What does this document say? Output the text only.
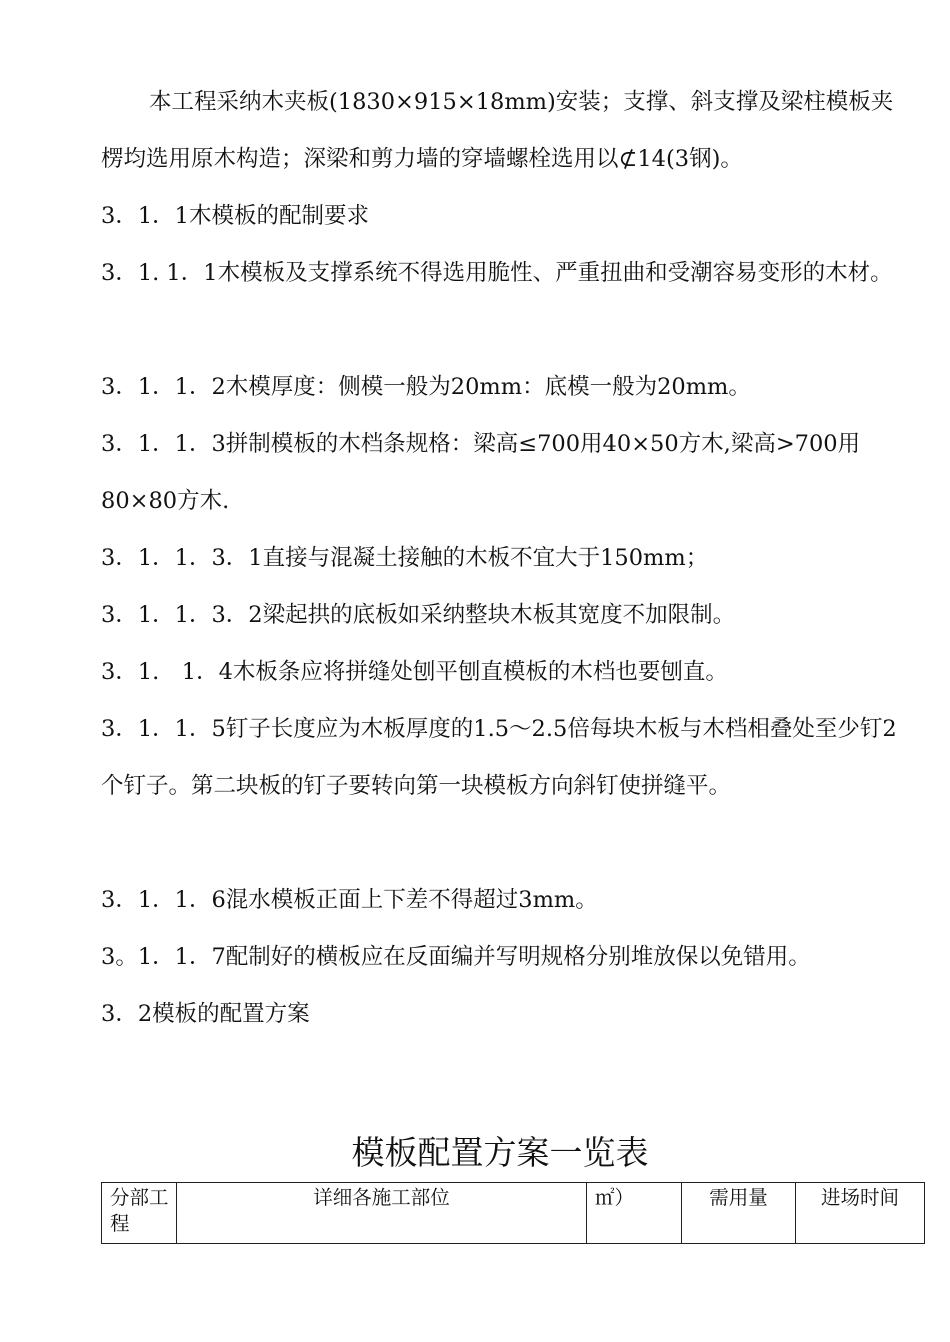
本工程采纳木夹板(1830×915×18mm)安装；支撑、斜支撑及梁柱模板夹楞均选用原木构造；深梁和剪力墙的穿墙螺栓选用以⊄14(3钢)。
3．1．1木模板的配制要求
3．1. 1．1木模板及支撑系统不得选用脆性、严重扭曲和受潮容易变形的木材。
3．1．1．2木模厚度：侧模一般为20mm：底模一般为20mm。
3．1．1．3拼制模板的木档条规格：梁高≤700用40×50方木,梁高>700用80×80方木.
3．1．1．3．1直接与混凝土接触的木板不宜大于150mm；
3．1．1．3．2梁起拱的底板如采纳整块木板其宽度不加限制。
3．1.　1．4木板条应将拼缝处刨平刨直模板的木档也要刨直。
3．1．1．5钉子长度应为木板厚度的1.5～2.5倍每块木板与木档相叠处至少钉2个钉子。第二块板的钉子要转向第一块模板方向斜钉使拼缝平。
3．1．1．6混水模板正面上下差不得超过3mm。
3。1．1．7配制好的横板应在反面编并写明规格分别堆放保以免错用。
3．2模板的配置方案
模板配置方案一览表
分部工程	详细各施工部位	㎡）	需用量	进场时间
